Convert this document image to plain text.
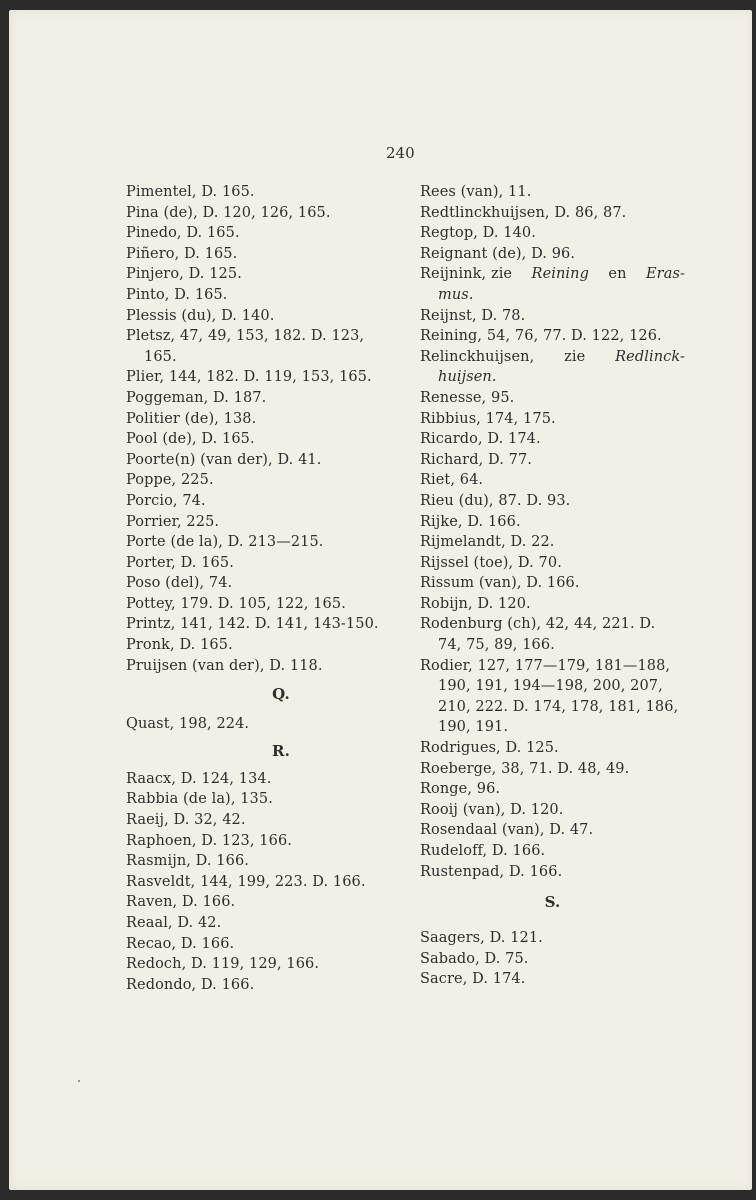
240
Pimentel, D. 165.
Pina (de), D. 120, 126, 165.
Pinedo, D. 165.
Piñero, D. 165.
Pinjero, D. 125.
Pinto, D. 165.
Plessis (du), D. 140.
Pletsz, 47, 49, 153, 182. D. 123,
165.
Plier, 144, 182. D. 119, 153, 165.
Poggeman, D. 187.
Politier (de), 138.
Pool (de), D. 165.
Poorte(n) (van der), D. 41.
Poppe, 225.
Porcio, 74.
Porrier, 225.
Porte (de la), D. 213—215.
Porter, D. 165.
Poso (del), 74.
Pottey, 179. D. 105, 122, 165.
Printz, 141, 142. D. 141, 143-150.
Pronk, D. 165.
Pruijsen (van der), D. 118.
Q.
Quast, 198, 224.
R.
Raacx, D. 124, 134.
Rabbia (de la), 135.
Raeij, D. 32, 42.
Raphoen, D. 123, 166.
Rasmijn, D. 166.
Rasveldt, 144, 199, 223. D. 166.
Raven, D. 166.
Reaal, D. 42.
Recao, D. 166.
Redoch, D. 119, 129, 166.
Redondo, D. 166.
Rees (van), 11.
Redtlinckhuijsen, D. 86, 87.
Regtop, D. 140.
Reignant (de), D. 96.
Reijnink, zie Reining en Eras-
mus.
Reijnst, D. 78.
Reining, 54, 76, 77. D. 122, 126.
Relinckhuijsen, zie Redlinck-
huijsen.
Renesse, 95.
Ribbius, 174, 175.
Ricardo, D. 174.
Richard, D. 77.
Riet, 64.
Rieu (du), 87. D. 93.
Rijke, D. 166.
Rijmelandt, D. 22.
Rijssel (toe), D. 70.
Rissum (van), D. 166.
Robijn, D. 120.
Rodenburg (ch), 42, 44, 221. D.
74, 75, 89, 166.
Rodier, 127, 177—179, 181—188,
190, 191, 194—198, 200, 207,
210, 222. D. 174, 178, 181, 186,
190, 191.
Rodrigues, D. 125.
Roeberge, 38, 71. D. 48, 49.
Ronge, 96.
Rooij (van), D. 120.
Rosendaal (van), D. 47.
Rudeloff, D. 166.
Rustenpad, D. 166.
S.
Saagers, D. 121.
Sabado, D. 75.
Sacre, D. 174.
